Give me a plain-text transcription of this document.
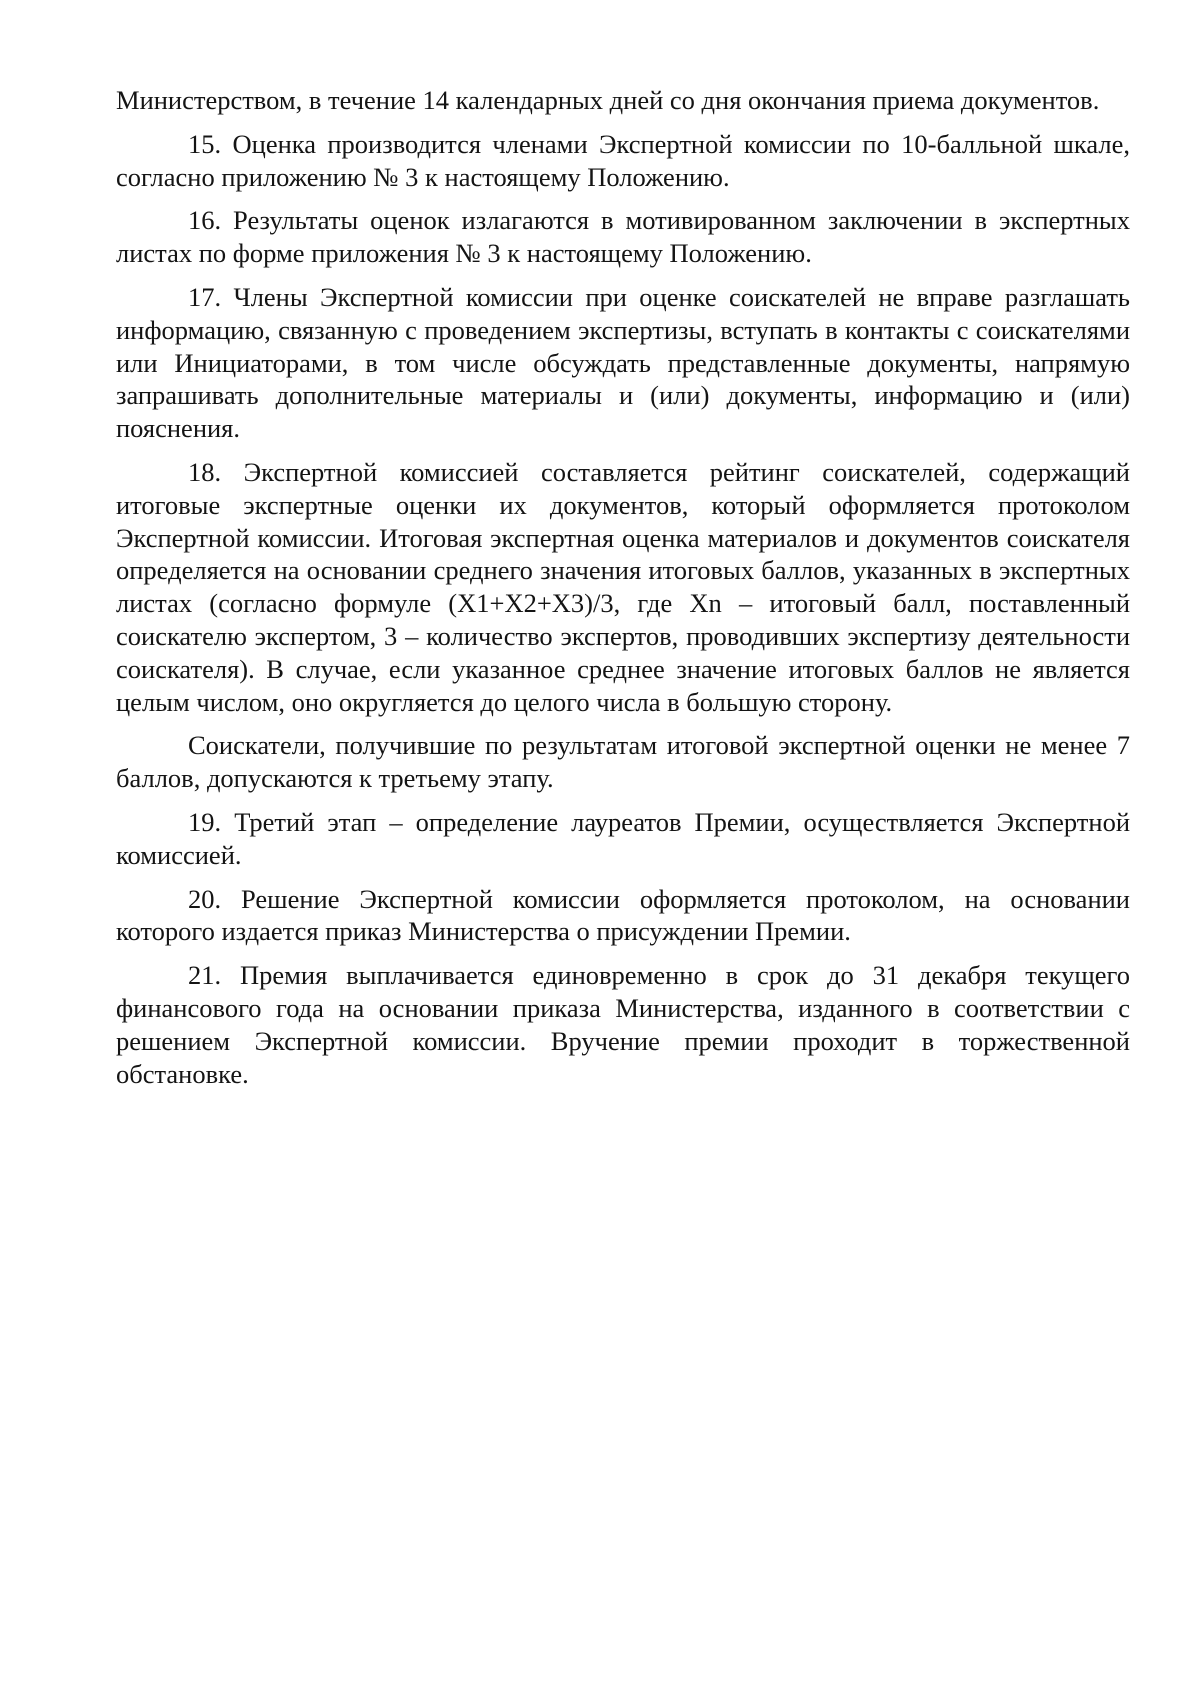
Министерством, в течение 14 календарных дней со дня окончания приема документов.

15. Оценка производится членами Экспертной комиссии по 10-балльной шкале, согласно приложению № 3 к настоящему Положению.

16. Результаты оценок излагаются в мотивированном заключении в экспертных листах по форме приложения № 3 к настоящему Положению.

17. Члены Экспертной комиссии при оценке соискателей не вправе разглашать информацию, связанную с проведением экспертизы, вступать в контакты с соискателями или Инициаторами, в том числе обсуждать представленные документы, напрямую запрашивать дополнительные материалы и (или) документы, информацию и (или) пояснения.

18. Экспертной комиссией составляется рейтинг соискателей, содержащий итоговые экспертные оценки их документов, который оформляется протоколом Экспертной комиссии. Итоговая экспертная оценка материалов и документов соискателя определяется на основании среднего значения итоговых баллов, указанных в экспертных листах (согласно формуле (Х1+Х2+Х3)/3, где Хn – итоговый балл, поставленный соискателю экспертом, 3 – количество экспертов, проводивших экспертизу деятельности соискателя). В случае, если указанное среднее значение итоговых баллов не является целым числом, оно округляется до целого числа в большую сторону.

Соискатели, получившие по результатам итоговой экспертной оценки не менее 7 баллов, допускаются к третьему этапу.

19. Третий этап – определение лауреатов Премии, осуществляется Экспертной комиссией.

20. Решение Экспертной комиссии оформляется протоколом, на основании которого издается приказ Министерства о присуждении Премии.

21. Премия выплачивается единовременно в срок до 31 декабря текущего финансового года на основании приказа Министерства, изданного в соответствии с решением Экспертной комиссии. Вручение премии проходит в торжественной обстановке.
